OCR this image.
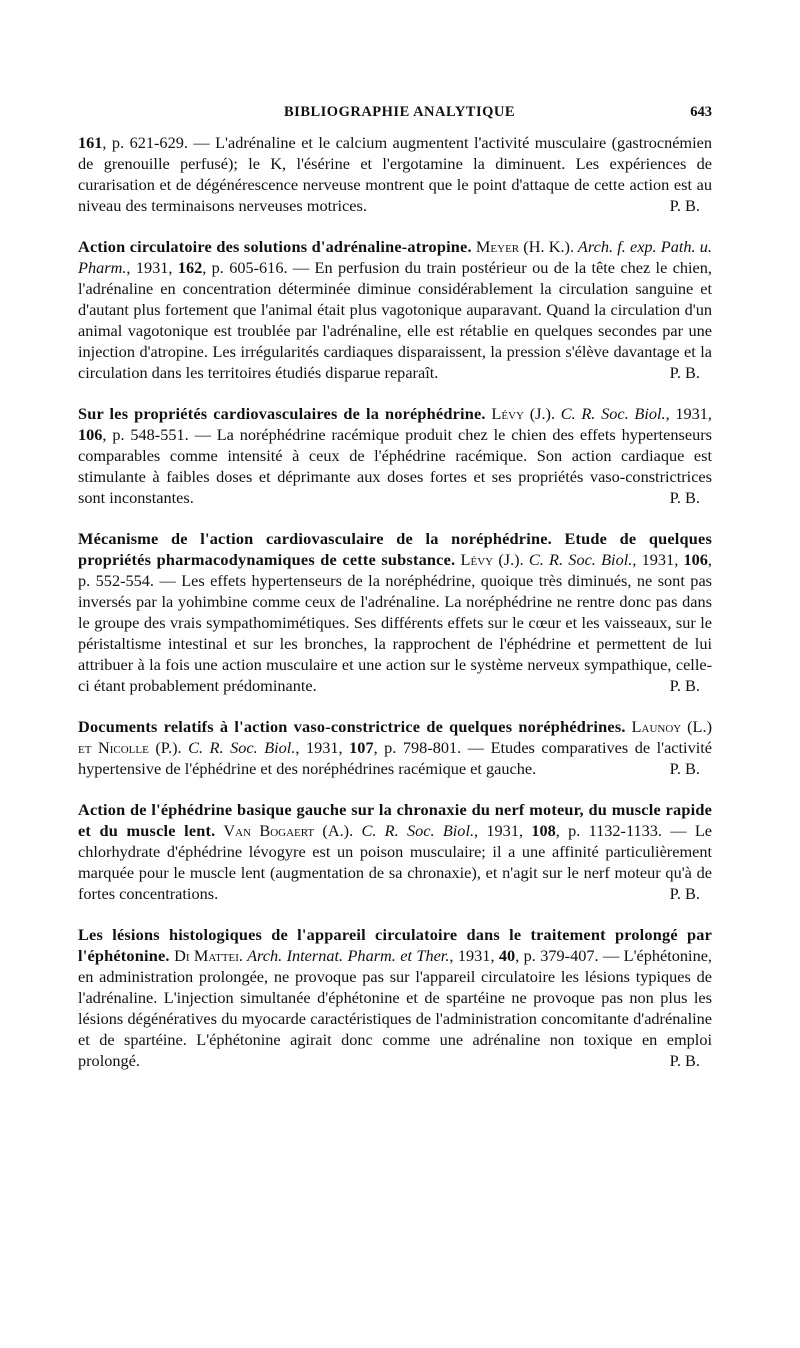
BIBLIOGRAPHIE ANALYTIQUE	643

161, p. 621-629. — L'adrénaline et le calcium augmentent l'activité musculaire (gastrocnémien de grenouille perfusé); le K, l'ésérine et l'ergotamine la diminuent. Les expériences de curarisation et de dégénérescence nerveuse montrent que le point d'attaque de cette action est au niveau des terminaisons nerveuses motrices.	P. B.

Action circulatoire des solutions d'adrénaline-atropine. Meyer (H. K.). Arch. f. exp. Path. u. Pharm., 1931, 162, p. 605-616. — En perfusion du train postérieur ou de la tête chez le chien, l'adrénaline en concentration déterminée diminue considérablement la circulation sanguine et d'autant plus fortement que l'animal était plus vagotonique auparavant. Quand la circulation d'un animal vagotonique est troublée par l'adrénaline, elle est rétablie en quelques secondes par une injection d'atropine. Les irrégularités cardiaques disparaissent, la pression s'élève davantage et la circulation dans les territoires étudiés disparue reparaît.	P. B.

Sur les propriétés cardiovasculaires de la noréphédrine. Lévy (J.). C. R. Soc. Biol., 1931, 106, p. 548-551. — La noréphédrine racémique produit chez le chien des effets hypertenseurs comparables comme intensité à ceux de l'éphédrine racémique. Son action cardiaque est stimulante à faibles doses et déprimante aux doses fortes et ses propriétés vaso-constrictrices sont inconstantes.	P. B.

Mécanisme de l'action cardiovasculaire de la noréphédrine. Etude de quelques propriétés pharmacodynamiques de cette substance. Lévy (J.). C. R. Soc. Biol., 1931, 106, p. 552-554. — Les effets hypertenseurs de la noréphédrine, quoique très diminués, ne sont pas inversés par la yohimbine comme ceux de l'adrénaline. La noréphédrine ne rentre donc pas dans le groupe des vrais sympathomimétiques. Ses différents effets sur le cœur et les vaisseaux, sur le péristaltisme intestinal et sur les bronches, la rapprochent de l'éphédrine et permettent de lui attribuer à la fois une action musculaire et une action sur le système nerveux sympathique, celle-ci étant probablement prédominante.	P. B.

Documents relatifs à l'action vaso-constrictrice de quelques noréphédrines. Launoy (L.) et Nicolle (P.). C. R. Soc. Biol., 1931, 107, p. 798-801. — Etudes comparatives de l'activité hypertensive de l'éphédrine et des noréphédrines racémique et gauche.	P. B.

Action de l'éphédrine basique gauche sur la chronaxie du nerf moteur, du muscle rapide et du muscle lent. Van Bogaert (A.). C. R. Soc. Biol., 1931, 108, p. 1132-1133. — Le chlorhydrate d'éphédrine lévogyre est un poison musculaire; il a une affinité particulièrement marquée pour le muscle lent (augmentation de sa chronaxie), et n'agit sur le nerf moteur qu'à de fortes concentrations.	P. B.

Les lésions histologiques de l'appareil circulatoire dans le traitement prolongé par l'éphétonine. Di Mattei. Arch. Internat. Pharm. et Ther., 1931, 40, p. 379-407. — L'éphétonine, en administration prolongée, ne provoque pas sur l'appareil circulatoire les lésions typiques de l'adrénaline. L'injection simultanée d'éphétonine et de spartéine ne provoque pas non plus les lésions dégénératives du myocarde caractéristiques de l'administration concomitante d'adrénaline et de spartéine. L'éphétonine agirait donc comme une adrénaline non toxique en emploi prolongé.	P. B.
